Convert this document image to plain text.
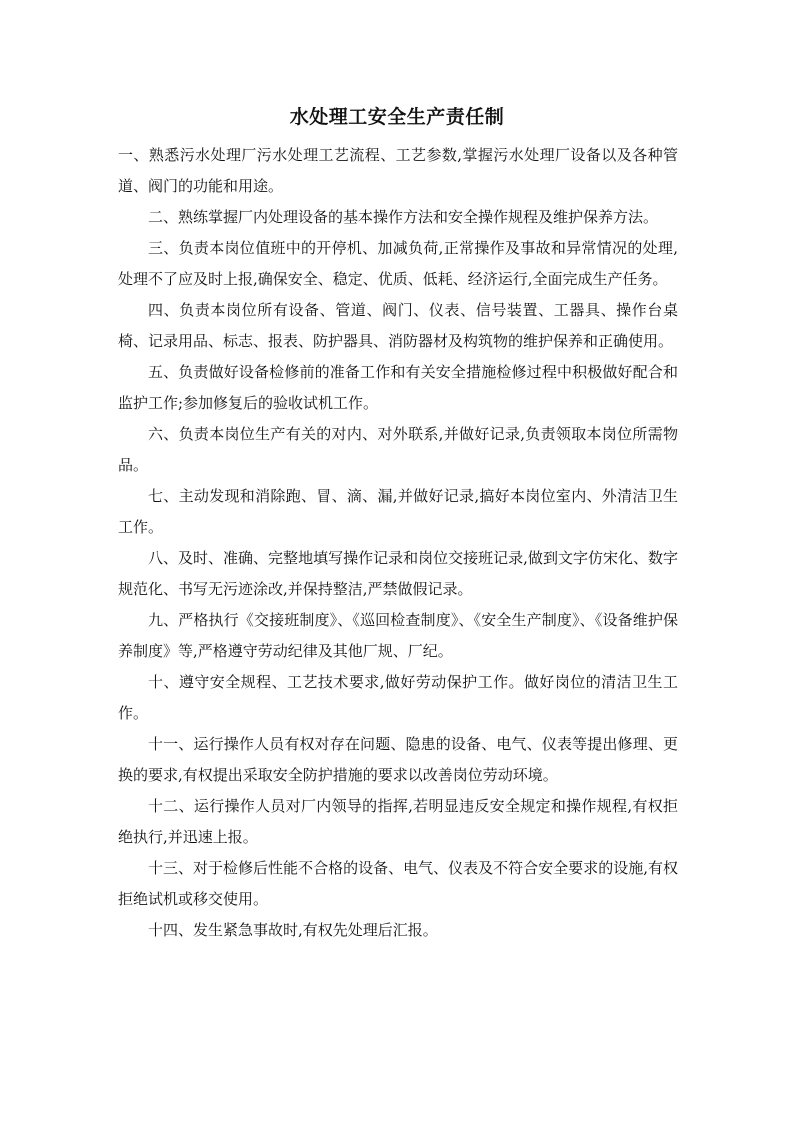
水处理工安全生产责任制

一、熟悉污水处理厂污水处理工艺流程、工艺参数,掌握污水处理厂设备以及各种管道、阀门的功能和用途。

二、熟练掌握厂内处理设备的基本操作方法和安全操作规程及维护保养方法。

三、负责本岗位值班中的开停机、加减负荷,正常操作及事故和异常情况的处理,处理不了应及时上报,确保安全、稳定、优质、低耗、经济运行,全面完成生产任务。

四、负责本岗位所有设备、管道、阀门、仪表、信号装置、工器具、操作台桌椅、记录用品、标志、报表、防护器具、消防器材及构筑物的维护保养和正确使用。

五、负责做好设备检修前的准备工作和有关安全措施检修过程中积极做好配合和监护工作;参加修复后的验收试机工作。

六、负责本岗位生产有关的对内、对外联系,并做好记录,负责领取本岗位所需物品。

七、主动发现和消除跑、冒、滴、漏,并做好记录,搞好本岗位室内、外清洁卫生工作。

八、及时、准确、完整地填写操作记录和岗位交接班记录,做到文字仿宋化、数字规范化、书写无污迹涂改,并保持整洁,严禁做假记录。

九、严格执行《交接班制度》、《巡回检查制度》、《安全生产制度》、《设备维护保养制度》等,严格遵守劳动纪律及其他厂规、厂纪。

十、遵守安全规程、工艺技术要求,做好劳动保护工作。做好岗位的清洁卫生工作。

十一、运行操作人员有权对存在问题、隐患的设备、电气、仪表等提出修理、更换的要求,有权提出采取安全防护措施的要求以改善岗位劳动环境。

十二、运行操作人员对厂内领导的指挥,若明显违反安全规定和操作规程,有权拒绝执行,并迅速上报。

十三、对于检修后性能不合格的设备、电气、仪表及不符合安全要求的设施,有权拒绝试机或移交使用。

十四、发生紧急事故时,有权先处理后汇报。
